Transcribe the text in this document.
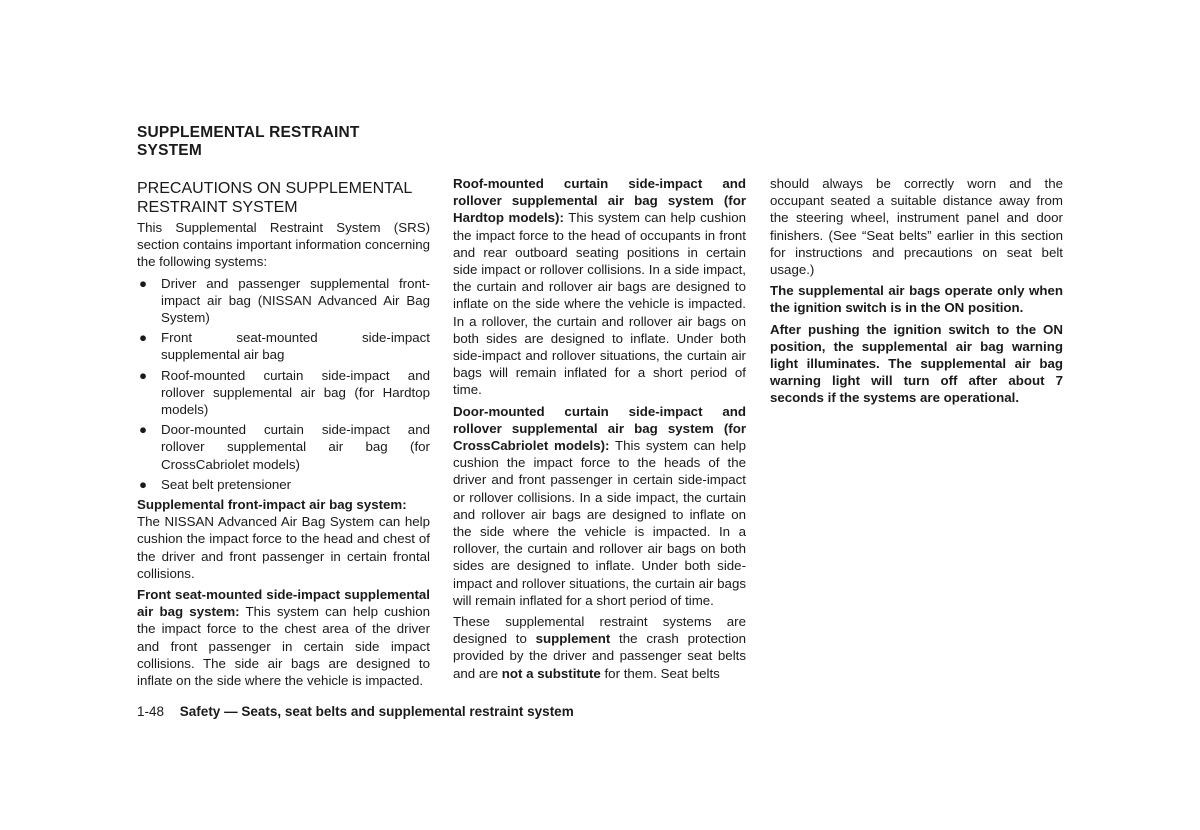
SUPPLEMENTAL RESTRAINT
SYSTEM
PRECAUTIONS ON SUPPLEMENTAL
RESTRAINT SYSTEM

This Supplemental Restraint System (SRS) section contains important information concerning the following systems:

● Driver and passenger supplemental front-impact air bag (NISSAN Advanced Air Bag System)
● Front seat-mounted side-impact supplemental air bag
● Roof-mounted curtain side-impact and rollover supplemental air bag (for Hardtop models)
● Door-mounted curtain side-impact and rollover supplemental air bag (for CrossCabriolet models)
● Seat belt pretensioner

Supplemental front-impact air bag system:
The NISSAN Advanced Air Bag System can help cushion the impact force to the head and chest of the driver and front passenger in certain frontal collisions.

Front seat-mounted side-impact supplemental air bag system: This system can help cushion the impact force to the chest area of the driver and front passenger in certain side impact collisions. The side air bags are designed to inflate on the side where the vehicle is impacted.

Roof-mounted curtain side-impact and rollover supplemental air bag system (for Hardtop models): This system can help cushion the impact force to the head of occupants in front and rear outboard seating positions in certain side impact or rollover collisions. In a side impact, the curtain and rollover air bags are designed to inflate on the side where the vehicle is impacted. In a rollover, the curtain and rollover air bags on both sides are designed to inflate. Under both side-impact and rollover situations, the curtain air bags will remain inflated for a short period of time.

Door-mounted curtain side-impact and rollover supplemental air bag system (for CrossCabriolet models): This system can help cushion the impact force to the heads of the driver and front passenger in certain side-impact or rollover collisions. In a side impact, the curtain and rollover air bags are designed to inflate on the side where the vehicle is impacted. In a rollover, the curtain and rollover air bags on both sides are designed to inflate. Under both side-impact and rollover situations, the curtain air bags will remain inflated for a short period of time.

These supplemental restraint systems are designed to supplement the crash protection provided by the driver and passenger seat belts and are not a substitute for them. Seat belts

should always be correctly worn and the occupant seated a suitable distance away from the steering wheel, instrument panel and door finishers. (See “Seat belts” earlier in this section for instructions and precautions on seat belt usage.)

The supplemental air bags operate only when the ignition switch is in the ON position.

After pushing the ignition switch to the ON position, the supplemental air bag warning light illuminates. The supplemental air bag warning light will turn off after about 7 seconds if the systems are operational.

1-48 Safety — Seats, seat belts and supplemental restraint system
